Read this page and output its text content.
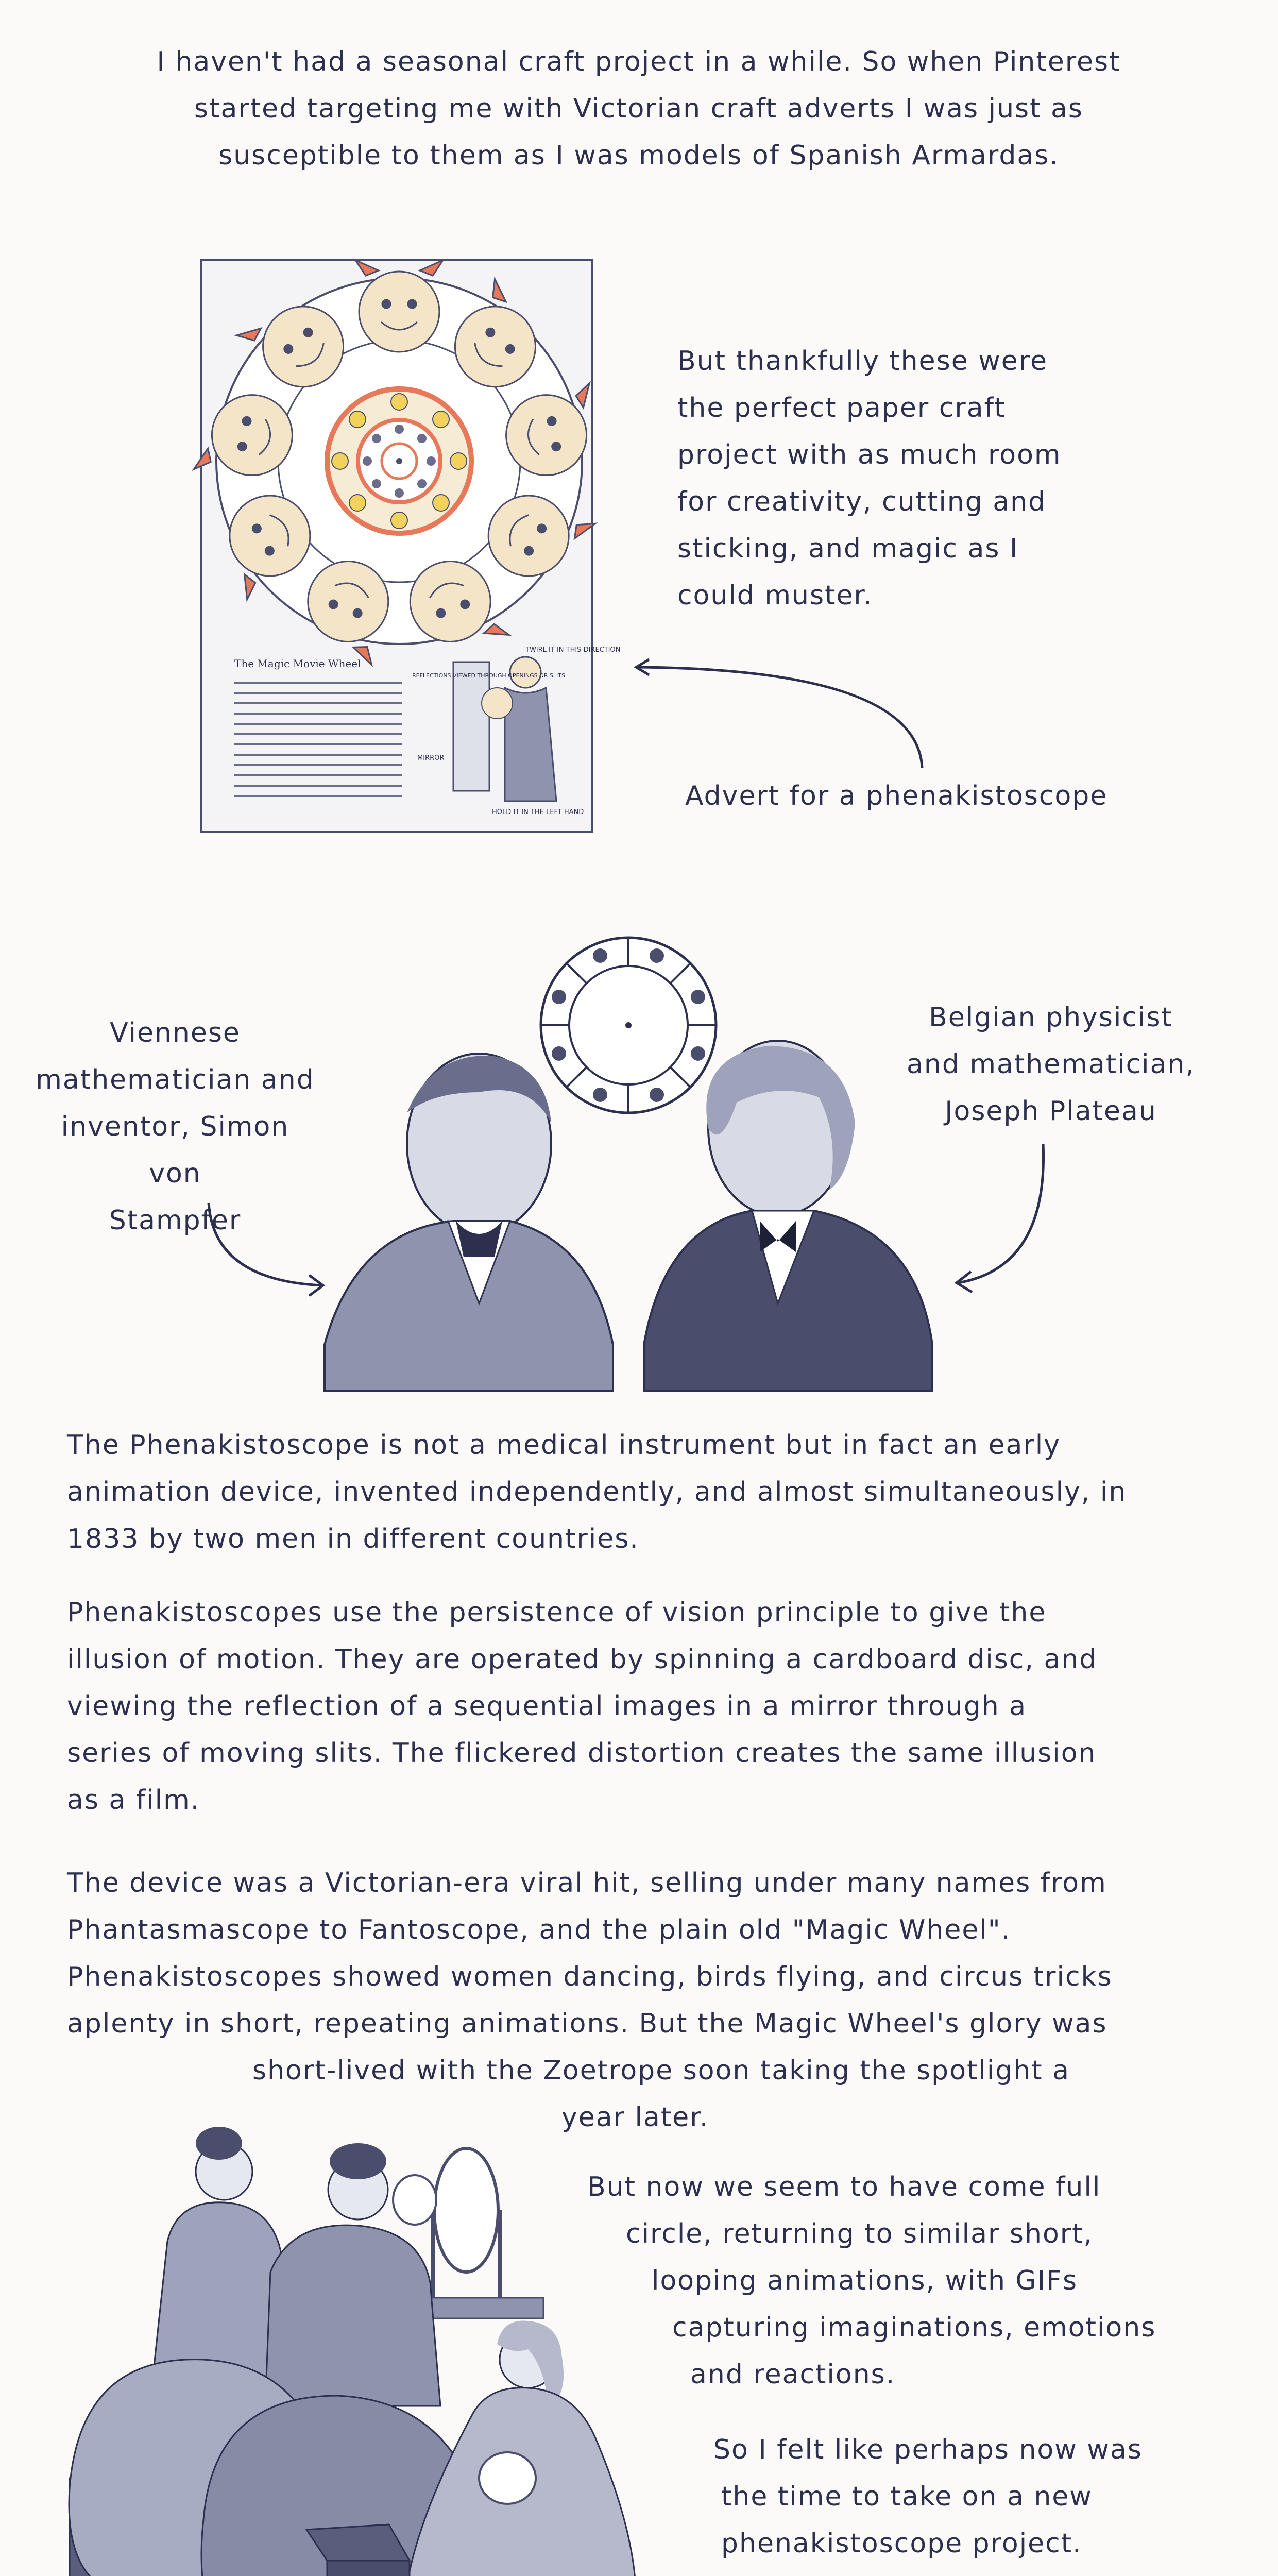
I haven't had a seasonal craft project in a while. So when Pinterest
started targeting me with Victorian craft adverts I was just as
susceptible to them as I was models of Spanish Armardas.
The Magic Movie Wheel
TWIRL IT IN THIS DIRECTION
REFLECTIONS VIEWED THROUGH OPENINGS OR SLITS
MIRROR
HOLD IT IN THE LEFT HAND
But thankfully these were
the perfect paper craft
project with as much room
for creativity, cutting and
sticking, and magic as I
could muster.
Advert for a phenakistoscope
Viennese
mathematician and
inventor, Simon von
Stampfer
Belgian physicist
and mathematician,
Joseph Plateau
The Phenakistoscope is not a medical instrument but in fact an early
animation device, invented independently, and almost simultaneously, in
1833 by two men in different countries.
Phenakistoscopes use the persistence of vision principle to give the
illusion of motion. They are operated by spinning a cardboard disc, and
viewing the reflection of a sequential images in a mirror through a
series of moving slits. The flickered distortion creates the same illusion
as a film.
The device was a Victorian-era viral hit, selling under many names from
Phantasmascope to Fantoscope, and the plain old "Magic Wheel".
Phenakistoscopes showed women dancing, birds flying, and circus tricks
aplenty in short, repeating animations. But the Magic Wheel's glory was
short-lived with the Zoetrope soon taking the spotlight a
year later.
But now we seem to have come full
circle, returning to similar short,
looping animations, with GIFs
capturing imaginations, emotions
and reactions.
So I felt like perhaps now was
the time to take on a new
phenakistoscope project.
